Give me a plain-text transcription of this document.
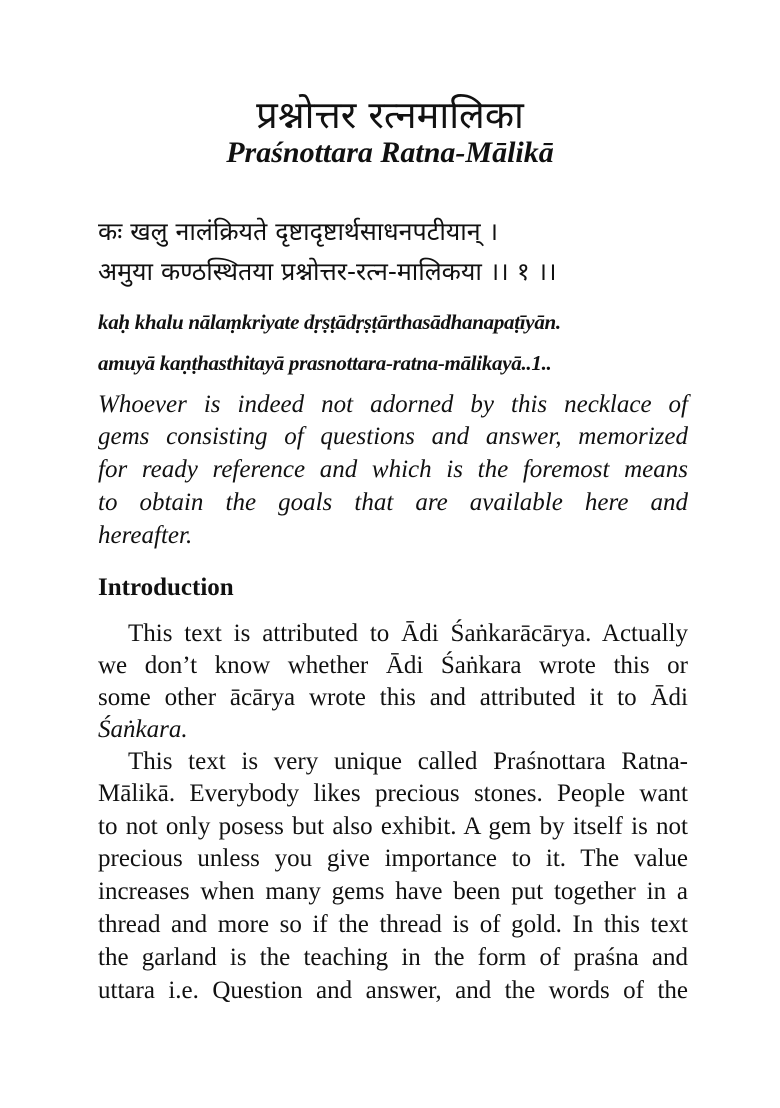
प्रश्नोत्तर रत्नमालिका
Praśnottara Ratna-Mālikā
कः खलु नालंक्रियते दृष्टादृष्टार्थसाधनपटीयान् ।
अमुया कण्ठस्थितया प्रश्नोत्तर-रत्न-मालिकया ।। १ ।।
kaḥ khalu nālaṃkriyate dṛṣṭādṛṣṭārthasādhanapaṭīyān.
amuyā kaṇṭhasthitayā prasnottara-ratna-mālikayā..1..
Whoever is indeed not adorned by this necklace of
gems consisting of questions and answer, memorized
for ready reference and which is the foremost means
to obtain the goals that are available here and
hereafter.
Introduction
This text is attributed to Ādi Śaṅkarācārya. Actually
we don’t know whether Ādi Śaṅkara wrote this or
some other ācārya wrote this and attributed it to Ādi
Śaṅkara.
This text is very unique called Praśnottara Ratna-
Mālikā. Everybody likes precious stones. People want
to not only posess but also exhibit. A gem by itself is not
precious unless you give importance to it. The value
increases when many gems have been put together in a
thread and more so if the thread is of gold. In this text
the garland is the teaching in the form of praśna and
uttara i.e. Question and answer, and the words of the
